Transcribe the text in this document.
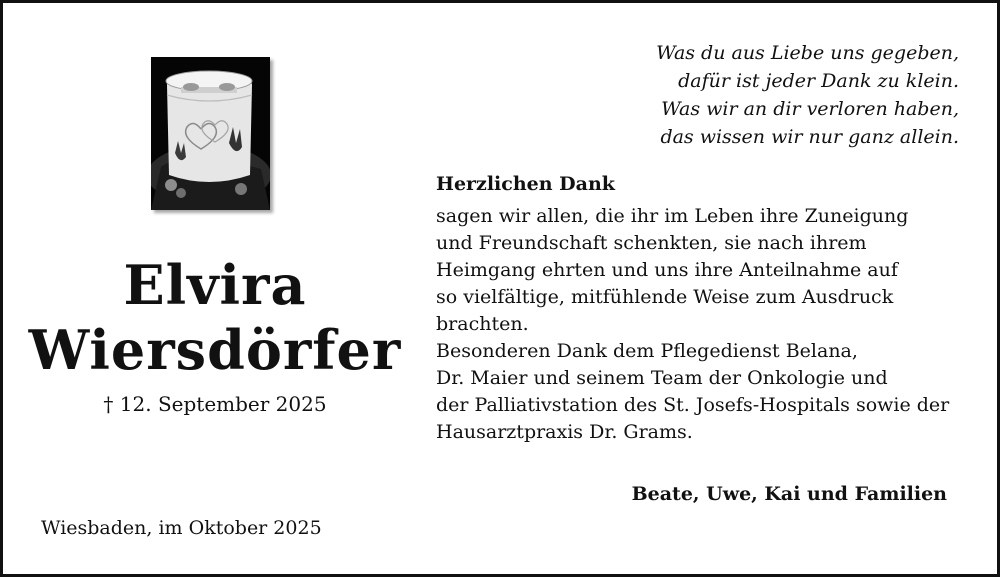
Elvira
Wiersdörfer
† 12. September 2025
Wiesbaden, im Oktober 2025
Was du aus Liebe uns gegeben,
dafür ist jeder Dank zu klein.
Was wir an dir verloren haben,
das wissen wir nur ganz allein.
Herzlichen Dank
sagen wir allen, die ihr im Leben ihre Zuneigung
und Freundschaft schenkten, sie nach ihrem
Heimgang ehrten und uns ihre Anteilnahme auf
so vielfältige, mitfühlende Weise zum Ausdruck
brachten.
Besonderen Dank dem Pflegedienst Belana,
Dr. Maier und seinem Team der Onkologie und
der Palliativstation des St. Josefs-Hospitals sowie der
Hausarztpraxis Dr. Grams.
Beate, Uwe, Kai und Familien
